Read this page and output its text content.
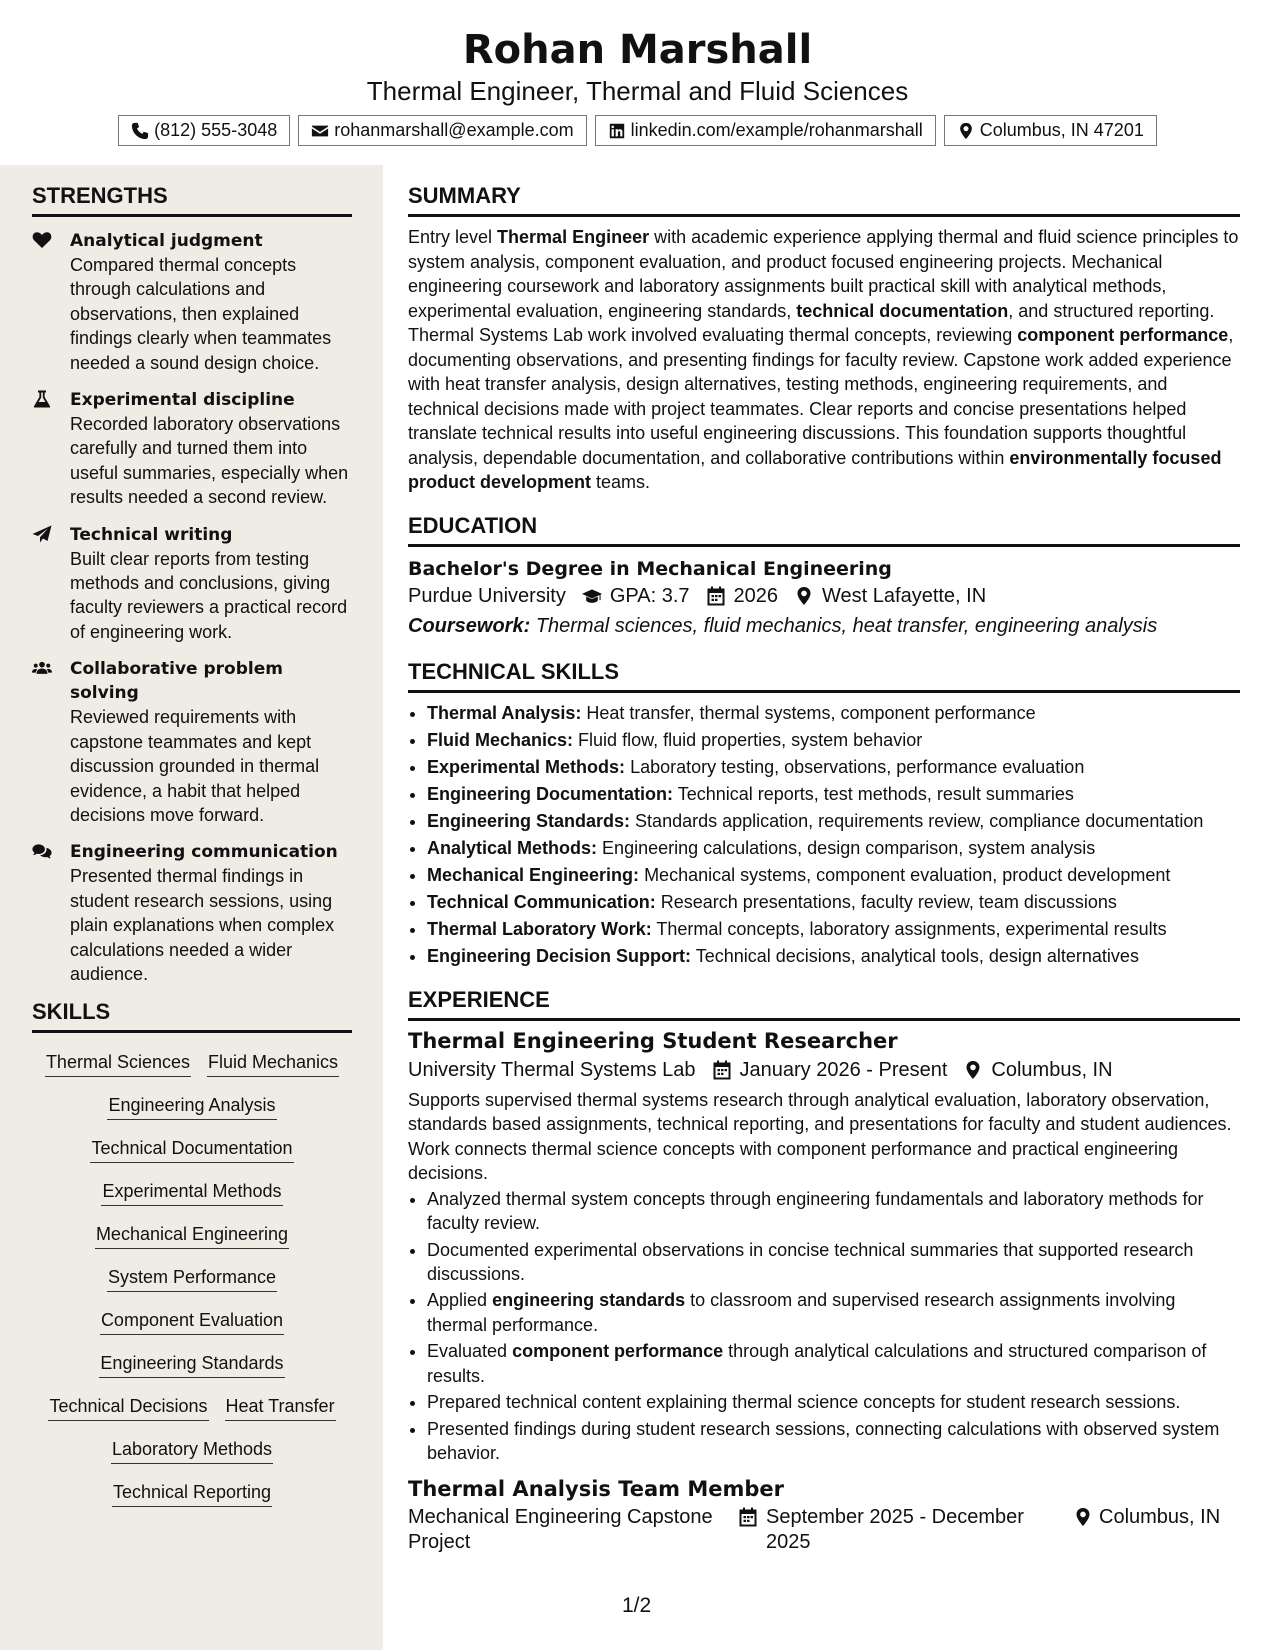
Rohan Marshall
Thermal Engineer, Thermal and Fluid Sciences
(812) 555-3048	rohanmarshall@example.com	linkedin.com/example/rohanmarshall	Columbus, IN 47201
STRENGTHS
Analytical judgment
Compared thermal concepts through calculations and observations, then explained findings clearly when teammates needed a sound design choice.
Experimental discipline
Recorded laboratory observations carefully and turned them into useful summaries, especially when results needed a second review.
Technical writing
Built clear reports from testing methods and conclusions, giving faculty reviewers a practical record of engineering work.
Collaborative problem solving
Reviewed requirements with capstone teammates and kept discussion grounded in thermal evidence, a habit that helped decisions move forward.
Engineering communication
Presented thermal findings in student research sessions, using plain explanations when complex calculations needed a wider audience.
SKILLS
Thermal Sciences Fluid Mechanics
Engineering Analysis
Technical Documentation
Experimental Methods
Mechanical Engineering
System Performance
Component Evaluation
Engineering Standards
Technical Decisions Heat Transfer
Laboratory Methods
Technical Reporting
SUMMARY
Entry level Thermal Engineer with academic experience applying thermal and fluid science principles to system analysis, component evaluation, and product focused engineering projects. Mechanical engineering coursework and laboratory assignments built practical skill with analytical methods, experimental evaluation, engineering standards, technical documentation, and structured reporting. Thermal Systems Lab work involved evaluating thermal concepts, reviewing component performance, documenting observations, and presenting findings for faculty review. Capstone work added experience with heat transfer analysis, design alternatives, testing methods, engineering requirements, and technical decisions made with project teammates. Clear reports and concise presentations helped translate technical results into useful engineering discussions. This foundation supports thoughtful analysis, dependable documentation, and collaborative contributions within environmentally focused product development teams.
EDUCATION
Bachelor's Degree in Mechanical Engineering
Purdue University GPA: 3.7 2026 West Lafayette, IN
Coursework: Thermal sciences, fluid mechanics, heat transfer, engineering analysis
TECHNICAL SKILLS
• Thermal Analysis: Heat transfer, thermal systems, component performance
• Fluid Mechanics: Fluid flow, fluid properties, system behavior
• Experimental Methods: Laboratory testing, observations, performance evaluation
• Engineering Documentation: Technical reports, test methods, result summaries
• Engineering Standards: Standards application, requirements review, compliance documentation
• Analytical Methods: Engineering calculations, design comparison, system analysis
• Mechanical Engineering: Mechanical systems, component evaluation, product development
• Technical Communication: Research presentations, faculty review, team discussions
• Thermal Laboratory Work: Thermal concepts, laboratory assignments, experimental results
• Engineering Decision Support: Technical decisions, analytical tools, design alternatives
EXPERIENCE
Thermal Engineering Student Researcher
University Thermal Systems Lab January 2026 - Present Columbus, IN
Supports supervised thermal systems research through analytical evaluation, laboratory observation, standards based assignments, technical reporting, and presentations for faculty and student audiences. Work connects thermal science concepts with component performance and practical engineering decisions.
• Analyzed thermal system concepts through engineering fundamentals and laboratory methods for faculty review.
• Documented experimental observations in concise technical summaries that supported research discussions.
• Applied engineering standards to classroom and supervised research assignments involving thermal performance.
• Evaluated component performance through analytical calculations and structured comparison of results.
• Prepared technical content explaining thermal science concepts for student research sessions.
• Presented findings during student research sessions, connecting calculations with observed system behavior.
Thermal Analysis Team Member
Mechanical Engineering Capstone Project
September 2025 - December 2025
Columbus, IN
1/2
